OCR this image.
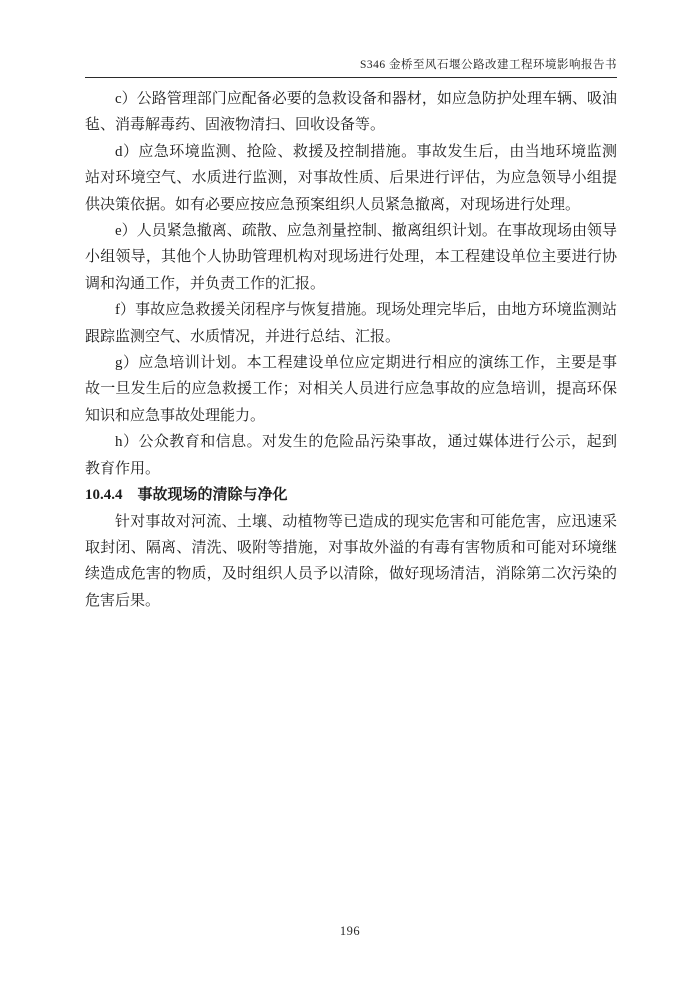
S346 金桥至风石堰公路改建工程环境影响报告书

c）公路管理部门应配备必要的急救设备和器材，如应急防护处理车辆、吸油毡、消毒解毒药、固液物清扫、回收设备等。

d）应急环境监测、抢险、救援及控制措施。事故发生后，由当地环境监测站对环境空气、水质进行监测，对事故性质、后果进行评估，为应急领导小组提供决策依据。如有必要应按应急预案组织人员紧急撤离，对现场进行处理。

e）人员紧急撤离、疏散、应急剂量控制、撤离组织计划。在事故现场由领导小组领导，其他个人协助管理机构对现场进行处理，本工程建设单位主要进行协调和沟通工作，并负责工作的汇报。

f）事故应急救援关闭程序与恢复措施。现场处理完毕后，由地方环境监测站跟踪监测空气、水质情况，并进行总结、汇报。

g）应急培训计划。本工程建设单位应定期进行相应的演练工作，主要是事故一旦发生后的应急救援工作；对相关人员进行应急事故的应急培训，提高环保知识和应急事故处理能力。

h）公众教育和信息。对发生的危险品污染事故，通过媒体进行公示，起到教育作用。

10.4.4 事故现场的清除与净化

针对事故对河流、土壤、动植物等已造成的现实危害和可能危害，应迅速采取封闭、隔离、清洗、吸附等措施，对事故外溢的有毒有害物质和可能对环境继续造成危害的物质，及时组织人员予以清除，做好现场清洁，消除第二次污染的危害后果。

196
